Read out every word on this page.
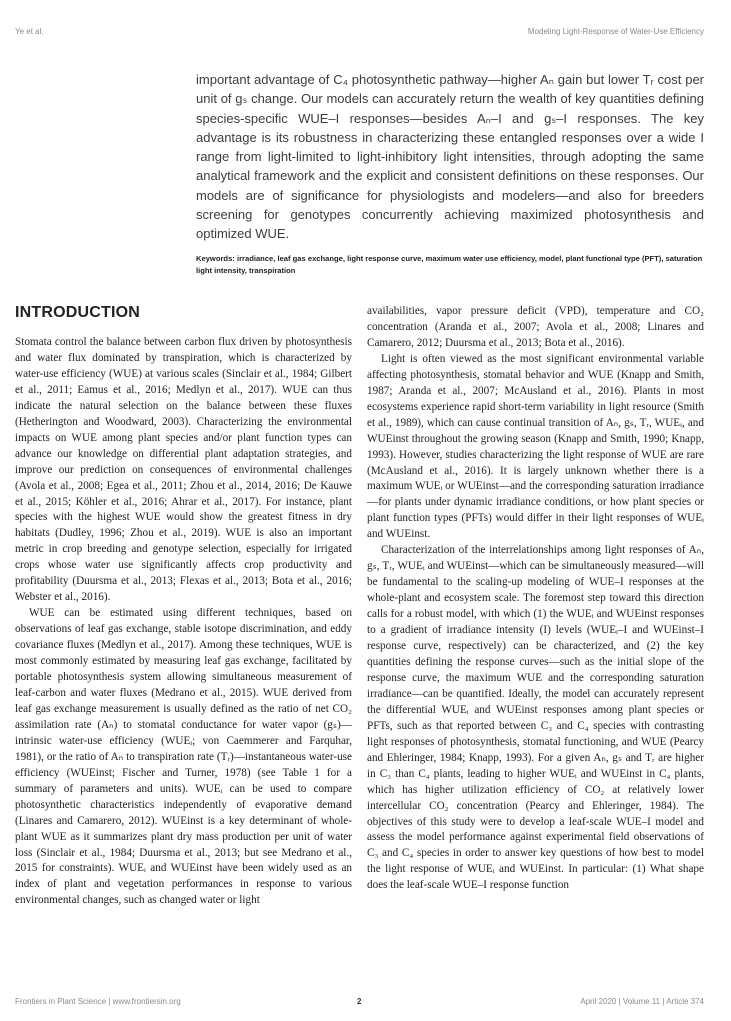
Ye et al.	Modeling Light-Response of Water-Use Efficiency

important advantage of C₄ photosynthetic pathway—higher Aₙ gain but lower Tᵣ cost per unit of gₛ change. Our models can accurately return the wealth of key quantities defining species-specific WUE–I responses—besides Aₙ–I and gₛ–I responses. The key advantage is its robustness in characterizing these entangled responses over a wide I range from light-limited to light-inhibitory light intensities, through adopting the same analytical framework and the explicit and consistent definitions on these responses. Our models are of significance for physiologists and modelers—and also for breeders screening for genotypes concurrently achieving maximized photosynthesis and optimized WUE.

Keywords: irradiance, leaf gas exchange, light response curve, maximum water use efficiency, model, plant functional type (PFT), saturation light intensity, transpiration
INTRODUCTION

Stomata control the balance between carbon flux driven by photosynthesis and water flux dominated by transpiration, which is characterized by water-use efficiency (WUE) at various scales (Sinclair et al., 1984; Gilbert et al., 2011; Eamus et al., 2016; Medlyn et al., 2017). WUE can thus indicate the natural selection on the balance between these fluxes (Hetherington and Woodward, 2003). Characterizing the environmental impacts on WUE among plant species and/or plant function types can advance our knowledge on differential plant adaptation strategies, and improve our prediction on consequences of environmental challenges (Avola et al., 2008; Egea et al., 2011; Zhou et al., 2014, 2016; De Kauwe et al., 2015; Köhler et al., 2016; Ahrar et al., 2017). For instance, plant species with the highest WUE would show the greatest fitness in dry habitats (Dudley, 1996; Zhou et al., 2019). WUE is also an important metric in crop breeding and genotype selection, especially for irrigated crops whose water use significantly affects crop productivity and profitability (Duursma et al., 2013; Flexas et al., 2013; Bota et al., 2016; Webster et al., 2016).

WUE can be estimated using different techniques, based on observations of leaf gas exchange, stable isotope discrimination, and eddy covariance fluxes (Medlyn et al., 2017). Among these techniques, WUE is most commonly estimated by measuring leaf gas exchange, facilitated by portable photosynthesis system allowing simultaneous measurement of leaf-carbon and water fluxes (Medrano et al., 2015). WUE derived from leaf gas exchange measurement is usually defined as the ratio of net CO₂ assimilation rate (Aₙ) to stomatal conductance for water vapor (gₛ)—intrinsic water-use efficiency (WUEᵢ; von Caemmerer and Farquhar, 1981), or the ratio of Aₙ to transpiration rate (Tᵣ)—instantaneous water-use efficiency (WUEinst; Fischer and Turner, 1978) (see Table 1 for a summary of parameters and units). WUEᵢ can be used to compare photosynthetic characteristics independently of evaporative demand (Linares and Camarero, 2012). WUEinst is a key determinant of whole-plant WUE as it summarizes plant dry mass production per unit of water loss (Sinclair et al., 1984; Duursma et al., 2013; but see Medrano et al., 2015 for constraints). WUEᵢ and WUEinst have been widely used as an index of plant and vegetation performances in response to various environmental changes, such as changed water or light

availabilities, vapor pressure deficit (VPD), temperature and CO₂ concentration (Aranda et al., 2007; Avola et al., 2008; Linares and Camarero, 2012; Duursma et al., 2013; Bota et al., 2016).

Light is often viewed as the most significant environmental variable affecting photosynthesis, stomatal behavior and WUE (Knapp and Smith, 1987; Aranda et al., 2007; McAusland et al., 2016). Plants in most ecosystems experience rapid short-term variability in light resource (Smith et al., 1989), which can cause continual transition of Aₙ, gₛ, Tᵣ, WUEᵢ, and WUEinst throughout the growing season (Knapp and Smith, 1990; Knapp, 1993). However, studies characterizing the light response of WUE are rare (McAusland et al., 2016). It is largely unknown whether there is a maximum WUEᵢ or WUEinst—and the corresponding saturation irradiance—for plants under dynamic irradiance conditions, or how plant species or plant function types (PFTs) would differ in their light responses of WUEᵢ and WUEinst.

Characterization of the interrelationships among light responses of Aₙ, gₛ, Tᵣ, WUEᵢ and WUEinst—which can be simultaneously measured—will be fundamental to the scaling-up modeling of WUE–I responses at the whole-plant and ecosystem scale. The foremost step toward this direction calls for a robust model, with which (1) the WUEᵢ and WUEinst responses to a gradient of irradiance intensity (I) levels (WUEᵢ–I and WUEinst–I response curve, respectively) can be characterized, and (2) the key quantities defining the response curves—such as the initial slope of the response curve, the maximum WUE and the corresponding saturation irradiance—can be quantified. Ideally, the model can accurately represent the differential WUEᵢ and WUEinst responses among plant species or PFTs, such as that reported between C₃ and C₄ species with contrasting light responses of photosynthesis, stomatal functioning, and WUE (Pearcy and Ehleringer, 1984; Knapp, 1993). For a given Aₙ, gₛ and Tᵣ are higher in C₃ than C₄ plants, leading to higher WUEᵢ and WUEinst in C₄ plants, which has higher utilization efficiency of CO₂ at relatively lower intercellular CO₂ concentration (Pearcy and Ehleringer, 1984). The objectives of this study were to develop a leaf-scale WUE–I model and assess the model performance against experimental field observations of C₃ and C₄ species in order to answer key questions of how best to model the light response of WUEᵢ and WUEinst. In particular: (1) What shape does the leaf-scale WUE–I response function

Frontiers in Plant Science | www.frontiersin.org	2	April 2020 | Volume 11 | Article 374
